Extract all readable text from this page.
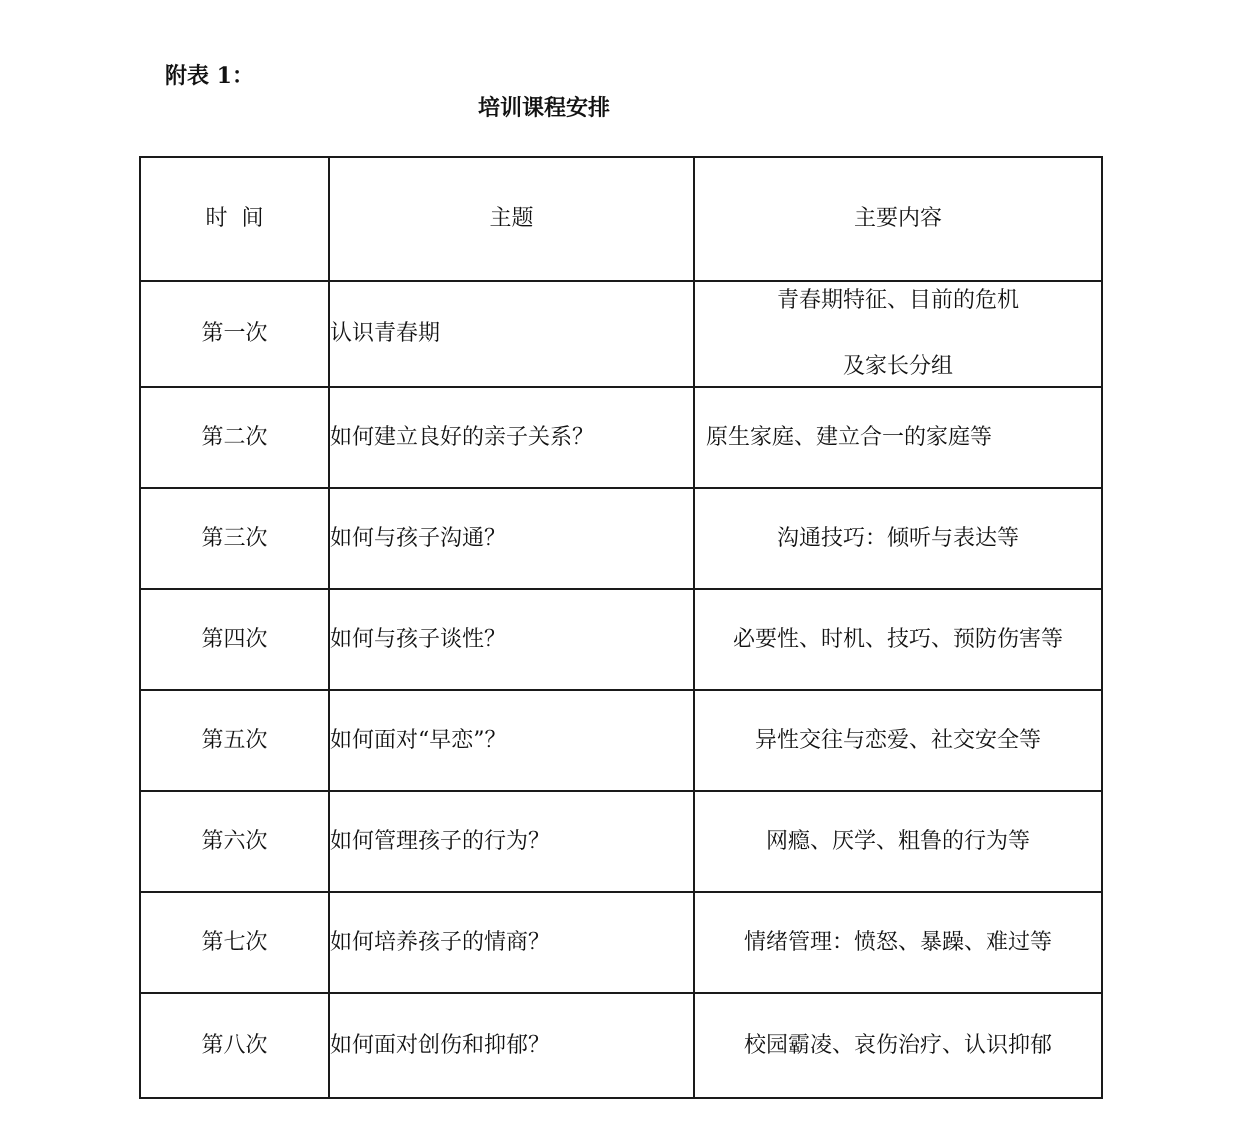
附表 1：
培训课程安排
时  间	主题	主要内容
第一次	认识青春期	青春期特征、目前的危机
及家长分组

第二次	如何建立良好的亲子关系？	原生家庭、建立合一的家庭等

第三次	如何与孩子沟通？	沟通技巧：倾听与表达等

第四次	如何与孩子谈性？	必要性、时机、技巧、预防伤害等

第五次	如何面对“早恋”？	异性交往与恋爱、社交安全等

第六次	如何管理孩子的行为？	网瘾、厌学、粗鲁的行为等

第七次	如何培养孩子的情商？	情绪管理：愤怒、暴躁、难过等

第八次	如何面对创伤和抑郁？	校园霸凌、哀伤治疗、认识抑郁
